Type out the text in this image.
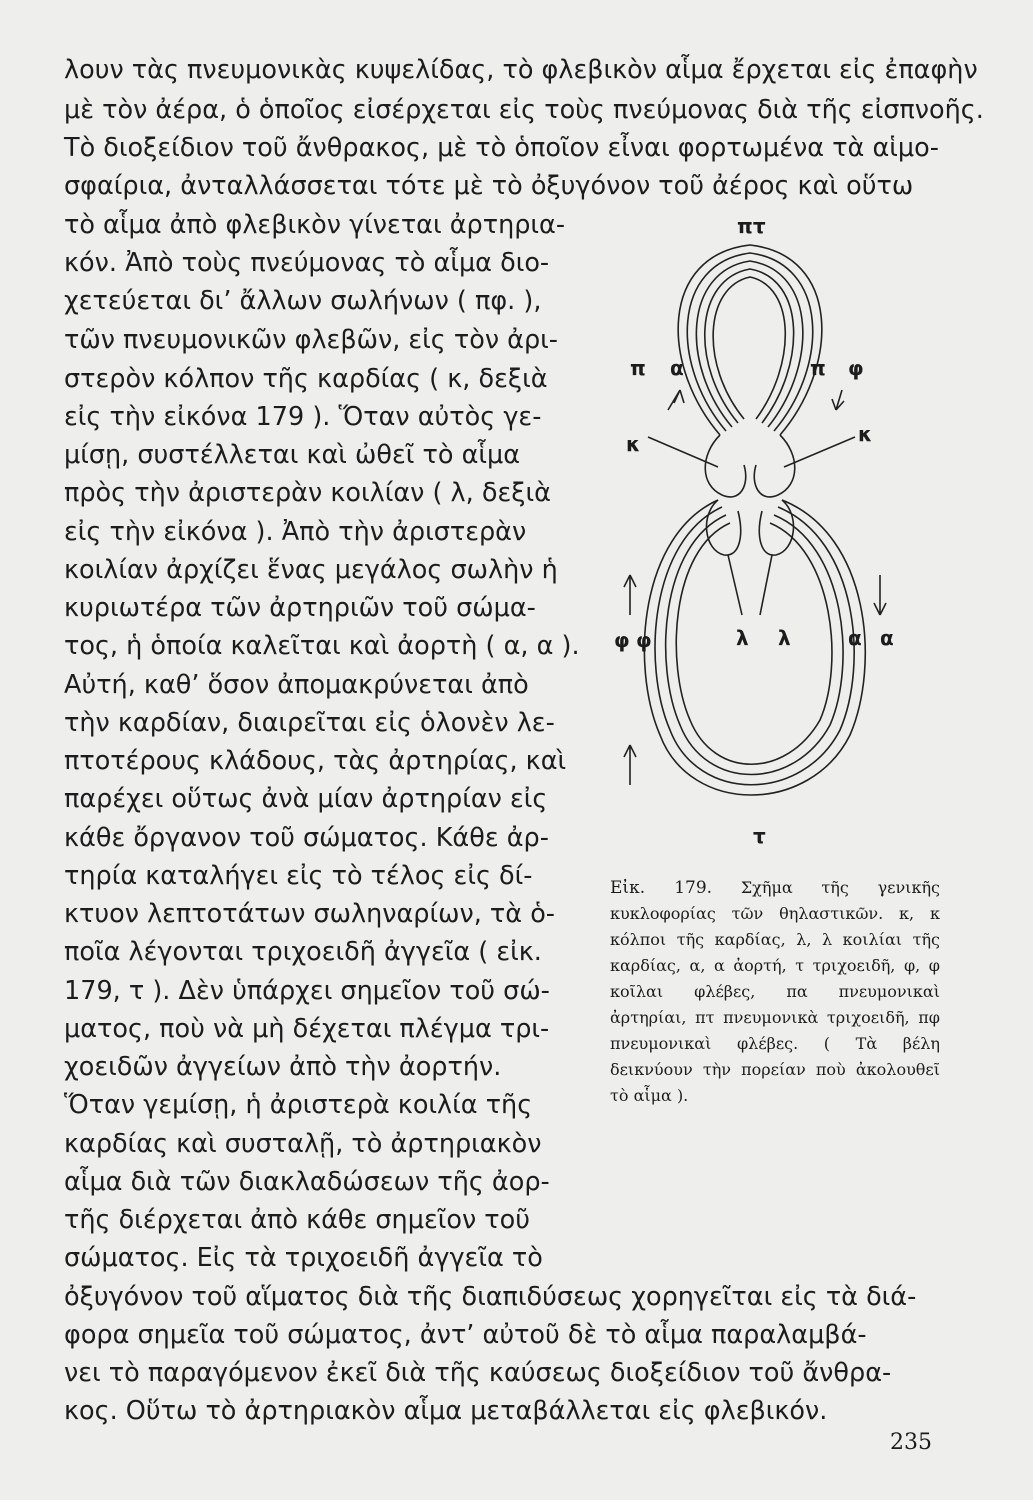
λουν τὰς πνευμονικὰς κυψελίδας, τὸ φλεβικὸν αἷμα ἔρχεται εἰς ἐπαφὴν
μὲ τὸν ἀέρα, ὁ ὁποῖος εἰσέρχεται εἰς τοὺς πνεύμονας διὰ τῆς εἰσπνοῆς.
Τὸ διοξείδιον τοῦ ἄνθρακος, μὲ τὸ ὁποῖον εἶναι φορτωμένα τὰ αἱμο-
σφαίρια, ἀνταλλάσσεται τότε μὲ τὸ ὀξυγόνον τοῦ ἀέρος καὶ οὕτω
τὸ αἷμα ἀπὸ φλεβικὸν γίνεται ἀρτηρια-
κόν. Ἀπὸ τοὺς πνεύμονας τὸ αἷμα διο-
χετεύεται δι’ ἄλλων σωλήνων ( πφ. ),
τῶν πνευμονικῶν φλεβῶν, εἰς τὸν ἀρι-
στερὸν κόλπον τῆς καρδίας ( κ, δεξιὰ
εἰς τὴν εἰκόνα 179 ). Ὅταν αὐτὸς γε-
μίσῃ, συστέλλεται καὶ ὠθεῖ τὸ αἷμα
πρὸς τὴν ἀριστερὰν κοιλίαν ( λ, δεξιὰ
εἰς τὴν εἰκόνα ). Ἀπὸ τὴν ἀριστερὰν
κοιλίαν ἀρχίζει ἕνας μεγάλος σωλὴν ἡ
κυριωτέρα τῶν ἀρτηριῶν τοῦ σώμα-
τος, ἡ ὁποία καλεῖται καὶ ἀορτὴ ( α, α ).
Αὐτή, καθ’ ὅσον ἀπομακρύνεται ἀπὸ
τὴν καρδίαν, διαιρεῖται εἰς ὁλονὲν λε-
πτοτέρους κλάδους, τὰς ἀρτηρίας, καὶ
παρέχει οὕτως ἀνὰ μίαν ἀρτηρίαν εἰς
κάθε ὄργανον τοῦ σώματος. Κάθε ἀρ-
τηρία καταλήγει εἰς τὸ τέλος εἰς δί-
κτυον λεπτοτάτων σωληναρίων, τὰ ὁ-
ποῖα λέγονται τριχοειδῆ ἀγγεῖα ( εἰκ.
179, τ ). Δὲν ὑπάρχει σημεῖον τοῦ σώ-
ματος, ποὺ νὰ μὴ δέχεται πλέγμα τρι-
χοειδῶν ἀγγείων ἀπὸ τὴν ἀορτήν.
Ὅταν γεμίσῃ, ἡ ἀριστερὰ κοιλία τῆς
καρδίας καὶ συσταλῇ, τὸ ἀρτηριακὸν
αἷμα διὰ τῶν διακλαδώσεων τῆς ἀορ-
τῆς διέρχεται ἀπὸ κάθε σημεῖον τοῦ
σώματος. Εἰς τὰ τριχοειδῆ ἀγγεῖα τὸ
ὀξυγόνον τοῦ αἵματος διὰ τῆς διαπιδύσεως χορηγεῖται εἰς τὰ διά-
φορα σημεῖα τοῦ σώματος, ἀντ’ αὐτοῦ δὲ τὸ αἷμα παραλαμβά-
νει τὸ παραγόμενον ἐκεῖ διὰ τῆς καύσεως διοξείδιον τοῦ ἄνθρα-
κος. Οὕτω τὸ ἀρτηριακὸν αἷμα μεταβάλλεται εἰς φλεβικόν.
πτ
π α	π φ
κ	κ
φ φ	λ λ	α α
τ
Εἰκ. 179. Σχῆμα τῆς γενικῆς κυκλοφορίας τῶν θηλαστικῶν. κ, κ κόλποι τῆς καρδίας, λ, λ κοιλίαι τῆς καρδίας, α, α ἀορτή, τ τριχοειδῆ, φ, φ κοῖλαι φλέβες, πα πνευμονικαὶ ἀρτηρίαι, πτ πνευμονικὰ τριχοειδῆ, πφ πνευμονικαὶ φλέβες. ( Τὰ βέλη δεικνύουν τὴν πορείαν ποὺ ἀκολουθεῖ τὸ αἷμα ).
235
